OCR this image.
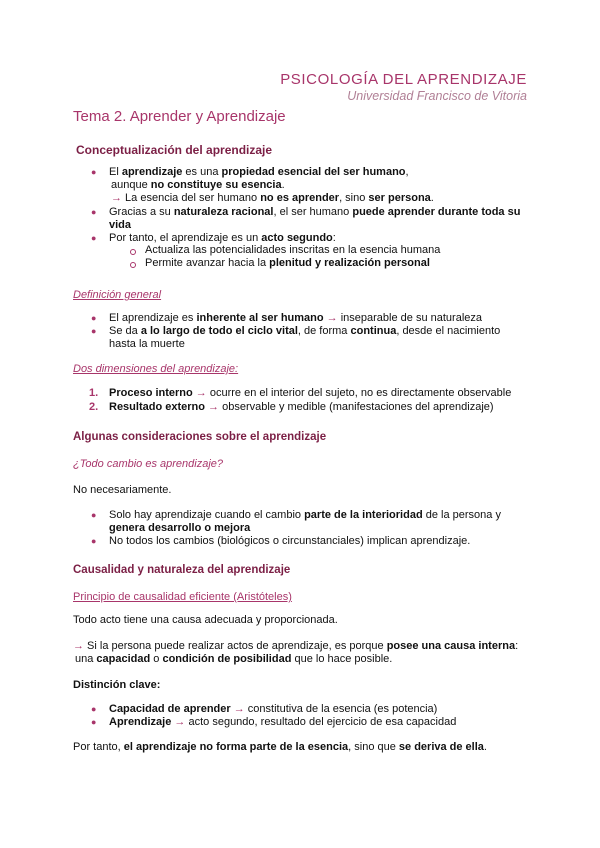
PSICOLOGÍA DEL APRENDIZAJE
Universidad Francisco de Vitoria
Tema 2. Aprender y Aprendizaje
Conceptualización del aprendizaje
● El aprendizaje es una propiedad esencial del ser humano,
aunque no constituye su esencia.
→ La esencia del ser humano no es aprender, sino ser persona.
● Gracias a su naturaleza racional, el ser humano puede aprender durante toda su
vida
● Por tanto, el aprendizaje es un acto segundo:
Actualiza las potencialidades inscritas en la esencia humana
Permite avanzar hacia la plenitud y realización personal
Definición general
● El aprendizaje es inherente al ser humano → inseparable de su naturaleza
● Se da a lo largo de todo el ciclo vital, de forma continua, desde el nacimiento
hasta la muerte
Dos dimensiones del aprendizaje:
1. Proceso interno → ocurre en el interior del sujeto, no es directamente observable
2. Resultado externo → observable y medible (manifestaciones del aprendizaje)
Algunas consideraciones sobre el aprendizaje
¿Todo cambio es aprendizaje?
No necesariamente.
● Solo hay aprendizaje cuando el cambio parte de la interioridad de la persona y
genera desarrollo o mejora
● No todos los cambios (biológicos o circunstanciales) implican aprendizaje.
Causalidad y naturaleza del aprendizaje
Principio de causalidad eficiente (Aristóteles)
Todo acto tiene una causa adecuada y proporcionada.
→ Si la persona puede realizar actos de aprendizaje, es porque posee una causa interna:
una capacidad o condición de posibilidad que lo hace posible.
Distinción clave:
● Capacidad de aprender → constitutiva de la esencia (es potencia)
● Aprendizaje → acto segundo, resultado del ejercicio de esa capacidad
Por tanto, el aprendizaje no forma parte de la esencia, sino que se deriva de ella.
